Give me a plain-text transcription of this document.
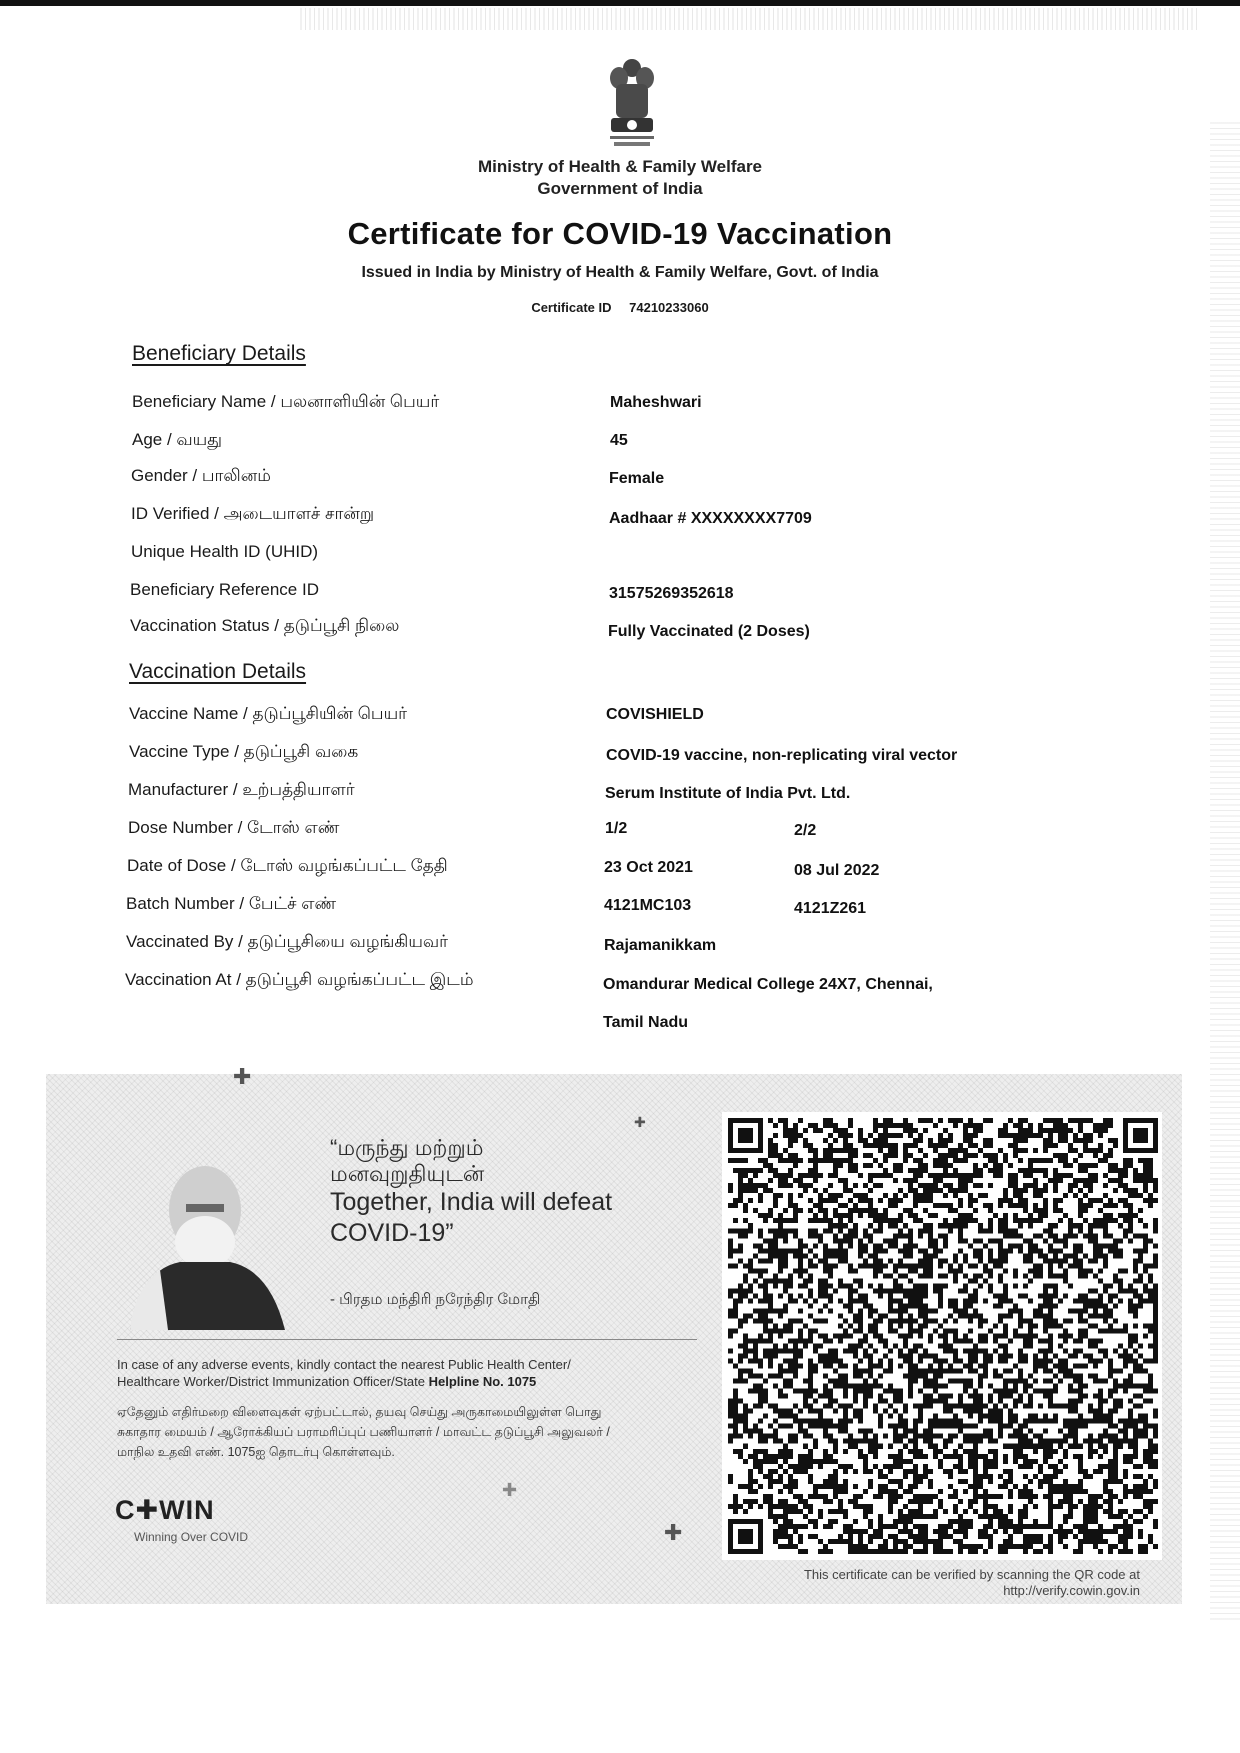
Ministry of Health & Family Welfare
Government of India
Certificate for COVID-19 Vaccination
Issued in India by Ministry of Health & Family Welfare, Govt. of India
Certificate ID 74210233060
Beneficiary Details
Beneficiary Name / பலனாளியின் பெயர்	Maheshwari
Age / வயது	45
Gender / பாலினம்	Female
ID Verified / அடையாளச் சான்று	Aadhaar # XXXXXXXX7709
Unique Health ID (UHID)
Beneficiary Reference ID	31575269352618
Vaccination Status / தடுப்பூசி நிலை	Fully Vaccinated (2 Doses)
Vaccination Details
Vaccine Name / தடுப்பூசியின் பெயர்	COVISHIELD
Vaccine Type / தடுப்பூசி வகை	COVID-19 vaccine, non-replicating viral vector
Manufacturer / உற்பத்தியாளர்	Serum Institute of India Pvt. Ltd.
Dose Number / டோஸ் எண்	1/2	2/2
Date of Dose / டோஸ் வழங்கப்பட்ட தேதி	23 Oct 2021	08 Jul 2022
Batch Number / பேட்ச் எண்	4121MC103	4121Z261
Vaccinated By / தடுப்பூசியை வழங்கியவர்	Rajamanikkam
Vaccination At / தடுப்பூசி வழங்கப்பட்ட இடம்	Omandurar Medical College 24X7, Chennai,
Tamil Nadu
✚
✚
✚
✚
“மருந்து மற்றும்
மனவுறுதியுடன்
Together, India will defeat
COVID-19”
- பிரதம மந்திரி நரேந்திர மோதி
In case of any adverse events, kindly contact the nearest Public Health Center/
Healthcare Worker/District Immunization Officer/State Helpline No. 1075
ஏதேனும் எதிர்மறை விளைவுகள் ஏற்பட்டால், தயவு செய்து அருகாமையிலுள்ள பொது
சுகாதார மையம் / ஆரோக்கியப் பராமரிப்புப் பணியாளர் / மாவட்ட தடுப்பூசி அலுவலர் /
மாநில உதவி எண். 1075ஐ தொடர்பு கொள்ளவும்.
C✚WIN
Winning Over COVID
This certificate can be verified by scanning the QR code at
http://verify.cowin.gov.in
